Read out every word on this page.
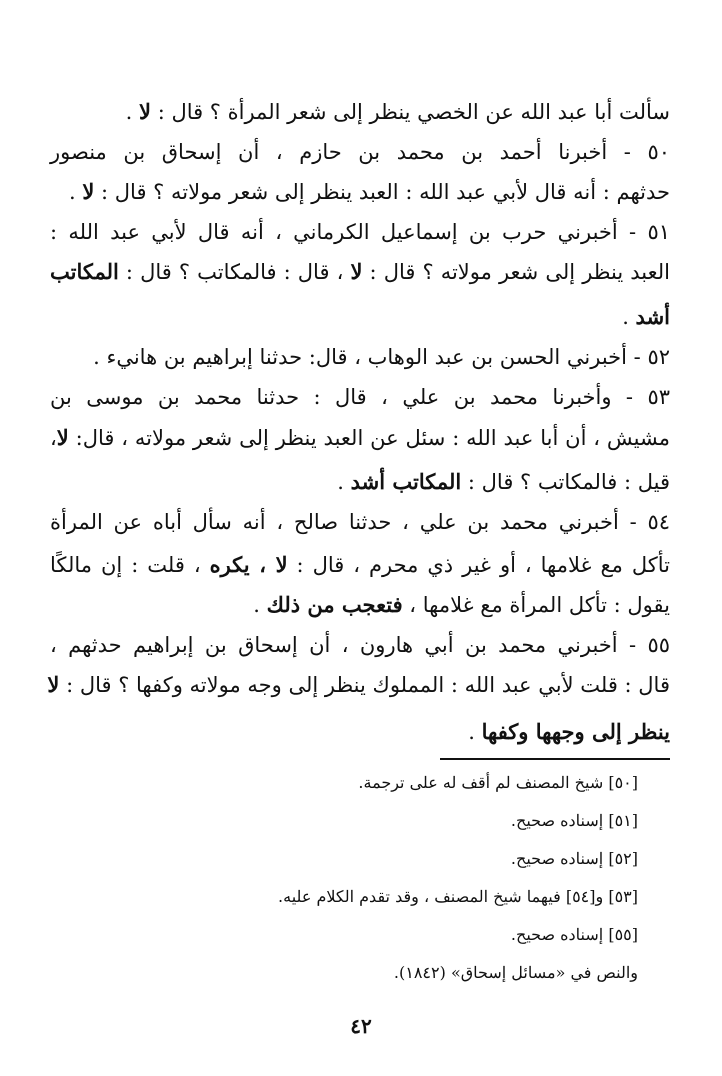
سألت أبا عبد الله عن الخصي ينظر إلى شعر المرأة ؟ قال : لا .
٥٠ - أخبرنا أحمد بن محمد بن حازم ، أن إسحاق بن منصور
حدثهم : أنه قال لأبي عبد الله : العبد ينظر إلى شعر مولاته ؟ قال : لا .
٥١ - أخبرني حرب بن إسماعيل الكرماني ، أنه قال لأبي عبد الله :
العبد ينظر إلى شعر مولاته ؟ قال : لا ، قال : فالمكاتب ؟ قال : المكاتب
أشد .
٥٢ - أخبرني الحسن بن عبد الوهاب ، قال: حدثنا إبراهيم بن هانيء .
٥٣ - وأخبرنا محمد بن علي ، قال : حدثنا محمد بن موسى بن
مشيش ، أن أبا عبد الله : سئل عن العبد ينظر إلى شعر مولاته ، قال: لا،
قيل : فالمكاتب ؟ قال : المكاتب أشد .
٥٤ - أخبرني محمد بن علي ، حدثنا صالح ، أنه سأل أباه عن المرأة
تأكل مع غلامها ، أو غير ذي محرم ، قال : لا ، يكره ، قلت : إن مالكًا
يقول : تأكل المرأة مع غلامها ، فتعجب من ذلك .
٥٥ - أخبرني محمد بن أبي هارون ، أن إسحاق بن إبراهيم حدثهم ،
قال : قلت لأبي عبد الله : المملوك ينظر إلى وجه مولاته وكفها ؟ قال : لا
ينظر إلى وجهها وكفها .
[٥٠] شيخ المصنف لم أقف له على ترجمة.
[٥١] إسناده صحيح.
[٥٢] إسناده صحيح.
[٥٣] و[٥٤] فيهما شيخ المصنف ، وقد تقدم الكلام عليه.
[٥٥] إسناده صحيح.
والنص في «مسائل إسحاق» (١٨٤٢).
٤٢
